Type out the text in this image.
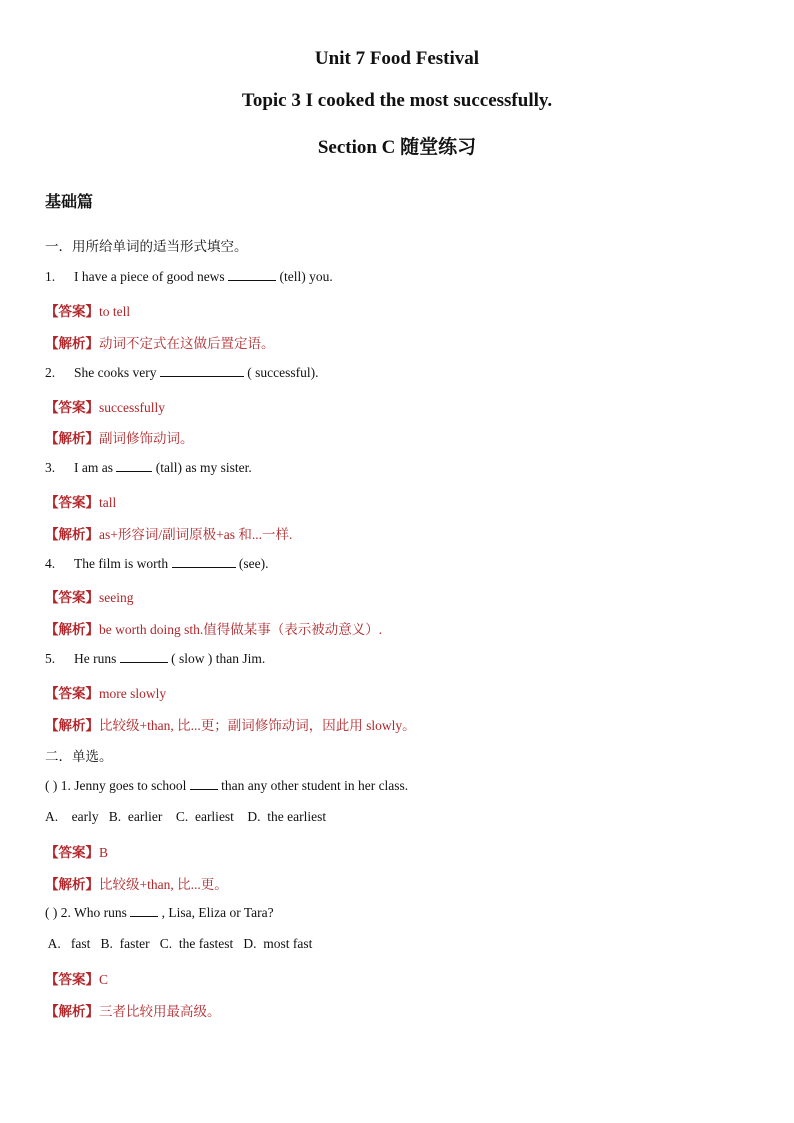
Unit 7 Food Festival
Topic 3 I cooked the most successfully.
Section C 随堂练习
基础篇
一．用所给单词的适当形式填空。
1. I have a piece of good news	(tell) you.
【答案】to tell
【解析】动词不定式在这做后置定语。
2. She cooks very	( successful).
【答案】successfully
【解析】副词修饰动词。
3. I am as	(tall) as my sister.
【答案】tall
【解析】as+形容词/副词原极+as 和...一样.
4. The film is worth	(see).
【答案】seeing
【解析】be worth doing sth.值得做某事（表示被动意义）.
5. He runs	( slow ) than Jim.
【答案】more slowly
【解析】比较级+than, 比...更；副词修饰动词，因此用 slowly。
二．单选。
( ) 1. Jenny goes to school  than any other student in her class.
A.    early   B.  earlier    C.  earliest    D.  the earliest
【答案】B
【解析】比较级+than, 比...更。
( ) 2. Who runs  , Lisa, Eliza or Tara?
A.   fast   B.  faster   C.  the fastest   D.  most fast
【答案】C
【解析】三者比较用最高级。
